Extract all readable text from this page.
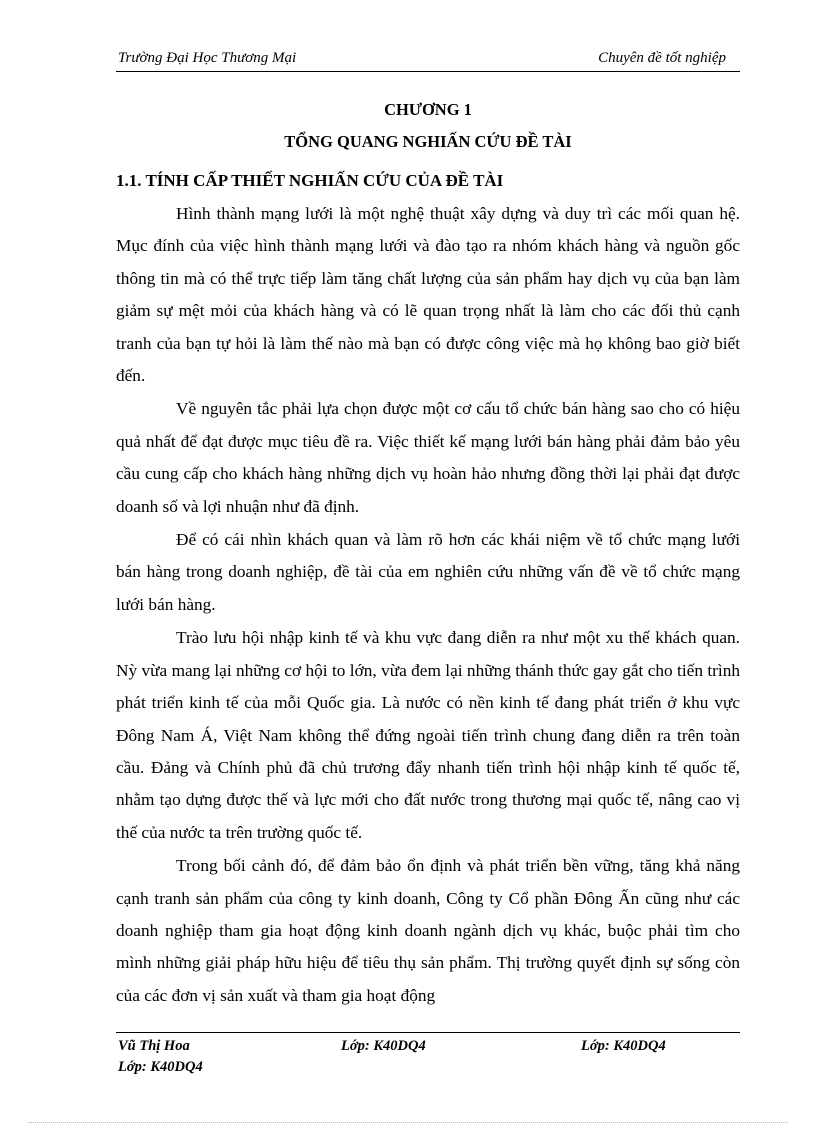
Trường Đại Học Thương Mại	Chuyên đề tốt nghiệp
CHƯƠNG 1
TỔNG QUANG NGHIẤN CỨU ĐỀ TÀI
1.1. TÍNH CẤP THIẾT NGHIẤN CỨU CỦA ĐỀ TÀI

Hình thành mạng lưới là một nghệ thuật xây dựng và duy trì các mối quan hệ. Mục đính của việc hình thành mạng lưới và đào tạo ra nhóm khách hàng và nguồn gốc thông tin mà có thể trực tiếp làm tăng chất lượng của sản phẩm hay dịch vụ của bạn làm giảm sự mệt mỏi của khách hàng và có lẽ quan trọng nhất là làm cho các đối thủ cạnh tranh của bạn tự hỏi là làm thế nào mà bạn có được công việc mà họ không bao giờ biết đến.

Về nguyên tắc phải lựa chọn được một cơ cấu tổ chức bán hàng sao cho có hiệu quả nhất để đạt được mục tiêu đề ra. Việc thiết kế mạng lưới bán hàng phải đảm bảo yêu cầu cung cấp cho khách hàng những dịch vụ hoàn hảo nhưng đồng thời lại phải đạt được doanh số và lợi nhuận như đã định.

Để có cái nhìn khách quan và làm rõ hơn các khái niệm về tổ chức mạng lưới bán hàng trong doanh nghiệp, đề tài của em nghiên cứu những vấn đề về tổ chức mạng lưới bán hàng.

Trào lưu hội nhập kinh tế và khu vực đang diễn ra như một xu thế khách quan. Nỳ vừa mang lại những cơ hội to lớn, vừa đem lại những thánh thức gay gắt cho tiến trình phát triển kinh tế của mỗi Quốc gia. Là nước có nền kinh tế đang phát triển ở khu vực Đông Nam Á, Việt Nam không thể đứng ngoài tiến trình chung đang diễn ra trên toàn cầu. Đảng và Chính phủ đã chủ trương đẩy nhanh tiến trình hội nhập kinh tế quốc tế, nhằm tạo dựng được thế và lực mới cho đất nước trong thương mại quốc tế, nâng cao vị thế của nước ta trên trường quốc tế.

Trong bối cảnh đó, để đảm bảo ổn định và phát triển bền vững, tăng khả năng cạnh tranh sản phẩm của công ty kinh doanh, Công ty Cổ phần Đông Ấn cũng như các doanh nghiệp tham gia hoạt động kinh doanh ngành dịch vụ khác, buộc phải tìm cho mình những giải pháp hữu hiệu để tiêu thụ sản phẩm. Thị trường quyết định sự sống còn của các đơn vị sản xuất và tham gia hoạt động

Vũ Thị Hoa	Lớp: K40DQ4	Lớp: K40DQ4
Lớp: K40DQ4
